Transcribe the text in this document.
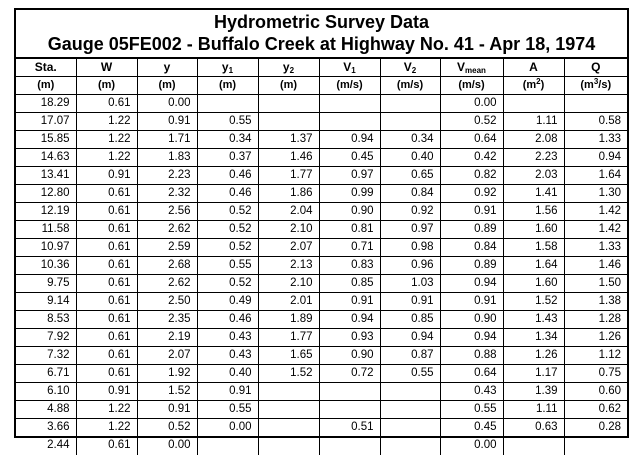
Hydrometric Survey Data
Gauge 05FE002 - Buffalo Creek at Highway No. 41 - Apr 18, 1974
Sta.	W	y	$y_1$	$y_2$	$V_1$	$V_2$	$V_{mean}$	A	Q
(m)	(m)	(m)	(m)	(m)	(m/s)	(m/s)	(m/s)	$(m^2)$	$(m^3/s)$
18.29	0.61	0.00					0.00		
17.07	1.22	0.91	0.55				0.52	1.11	0.58
15.85	1.22	1.71	0.34	1.37	0.94	0.34	0.64	2.08	1.33
14.63	1.22	1.83	0.37	1.46	0.45	0.40	0.42	2.23	0.94
13.41	0.91	2.23	0.46	1.77	0.97	0.65	0.82	2.03	1.64
12.80	0.61	2.32	0.46	1.86	0.99	0.84	0.92	1.41	1.30
12.19	0.61	2.56	0.52	2.04	0.90	0.92	0.91	1.56	1.42
11.58	0.61	2.62	0.52	2.10	0.81	0.97	0.89	1.60	1.42
10.97	0.61	2.59	0.52	2.07	0.71	0.98	0.84	1.58	1.33
10.36	0.61	2.68	0.55	2.13	0.83	0.96	0.89	1.64	1.46
9.75	0.61	2.62	0.52	2.10	0.85	1.03	0.94	1.60	1.50
9.14	0.61	2.50	0.49	2.01	0.91	0.91	0.91	1.52	1.38
8.53	0.61	2.35	0.46	1.89	0.94	0.85	0.90	1.43	1.28
7.92	0.61	2.19	0.43	1.77	0.93	0.94	0.94	1.34	1.26
7.32	0.61	2.07	0.43	1.65	0.90	0.87	0.88	1.26	1.12
6.71	0.61	1.92	0.40	1.52	0.72	0.55	0.64	1.17	0.75
6.10	0.91	1.52	0.91				0.43	1.39	0.60
4.88	1.22	0.91	0.55				0.55	1.11	0.62
3.66	1.22	0.52	0.00		0.51		0.45	0.63	0.28
2.44	0.61	0.00					0.00		
